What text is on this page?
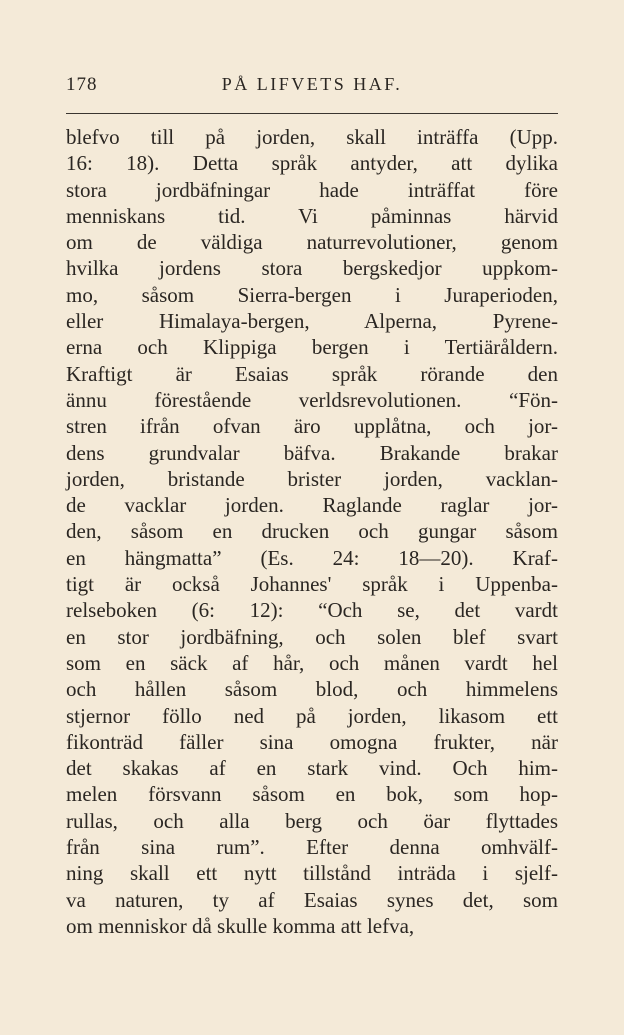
178	PÅ LIFVETS HAF.
blefvo till på jorden, skall inträffa (Upp.
16: 18). Detta språk antyder, att dylika
stora jordbäfningar hade inträffat före
menniskans tid. Vi påminnas härvid
om de väldiga naturrevolutioner, genom
hvilka jordens stora bergskedjor uppkom-
mo, såsom Sierra-bergen i Juraperioden,
eller Himalaya-bergen, Alperna, Pyrene-
erna och Klippiga bergen i Tertiäråldern.
Kraftigt är Esaias språk rörande den
ännu förestående verldsrevolutionen. “Fön-
stren ifrån ofvan äro upplåtna, och jor-
dens grundvalar bäfva. Brakande brakar
jorden, bristande brister jorden, vacklan-
de vacklar jorden. Raglande raglar jor-
den, såsom en drucken och gungar såsom
en hängmatta” (Es. 24: 18—20). Kraf-
tigt är också Johannes' språk i Uppenba-
relseboken (6: 12): “Och se, det vardt
en stor jordbäfning, och solen blef svart
som en säck af hår, och månen vardt hel
och hållen såsom blod, och himmelens
stjernor föllo ned på jorden, likasom ett
fikonträd fäller sina omogna frukter, när
det skakas af en stark vind. Och him-
melen försvann såsom en bok, som hop-
rullas, och alla berg och öar flyttades
från sina rum”. Efter denna omhvälf-
ning skall ett nytt tillstånd inträda i sjelf-
va naturen, ty af Esaias synes det, som
om menniskor då skulle komma att lefva,
